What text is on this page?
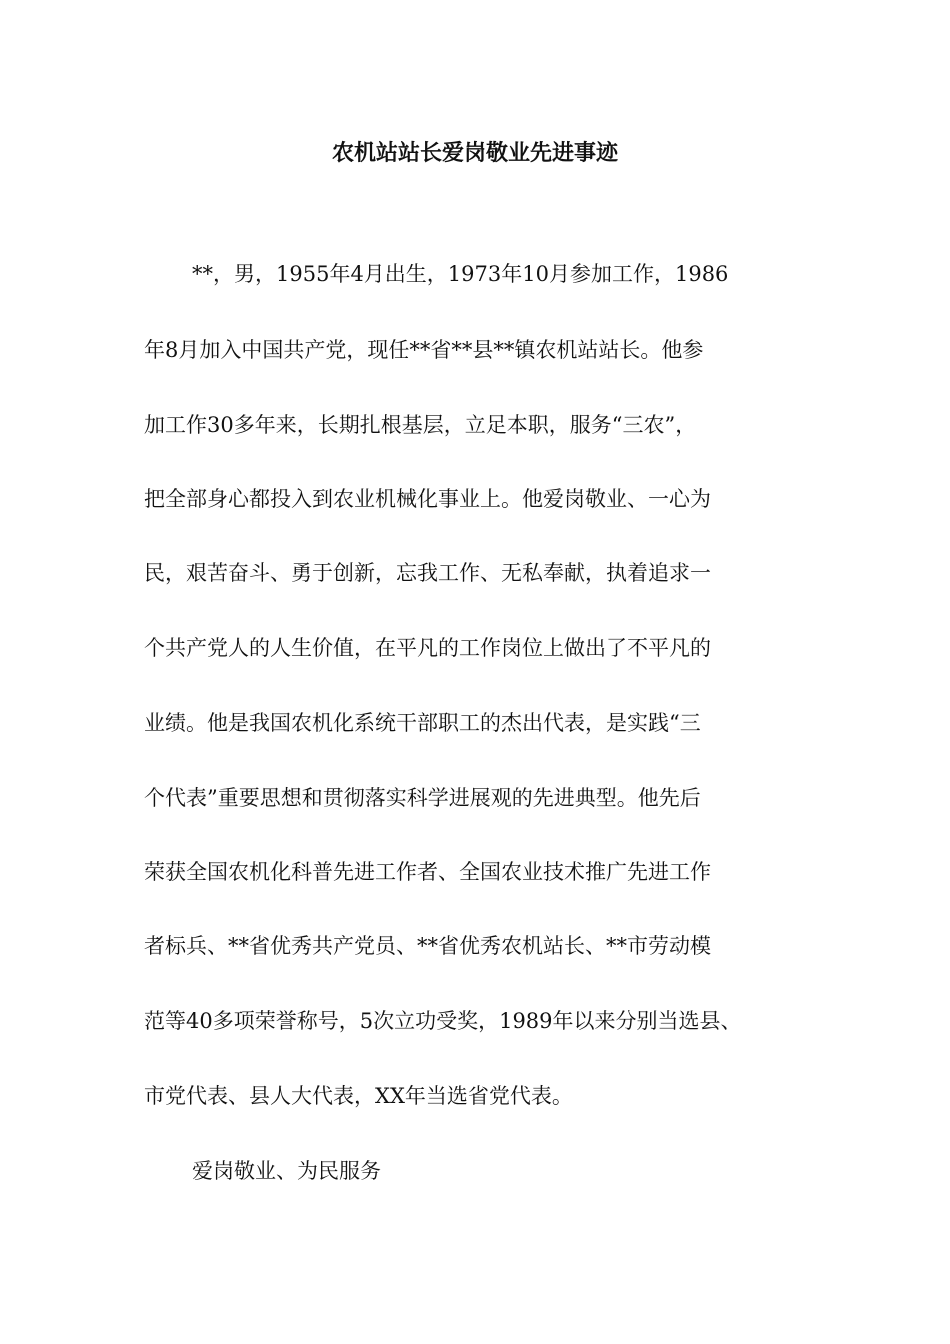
农机站站长爱岗敬业先进事迹
**，男，1955年4月出生，1973年10月参加工作，1986
年8月加入中国共产党，现任**省**县**镇农机站站长。他参
加工作30多年来，长期扎根基层，立足本职，服务“三农”，
把全部身心都投入到农业机械化事业上。他爱岗敬业、一心为
民，艰苦奋斗、勇于创新，忘我工作、无私奉献，执着追求一
个共产党人的人生价值，在平凡的工作岗位上做出了不平凡的
业绩。他是我国农机化系统干部职工的杰出代表，是实践“三
个代表”重要思想和贯彻落实科学进展观的先进典型。他先后
荣获全国农机化科普先进工作者、全国农业技术推广先进工作
者标兵、**省优秀共产党员、**省优秀农机站长、**市劳动模
范等40多项荣誉称号，5次立功受奖，1989年以来分别当选县、
市党代表、县人大代表，XX年当选省党代表。
爱岗敬业、为民服务
